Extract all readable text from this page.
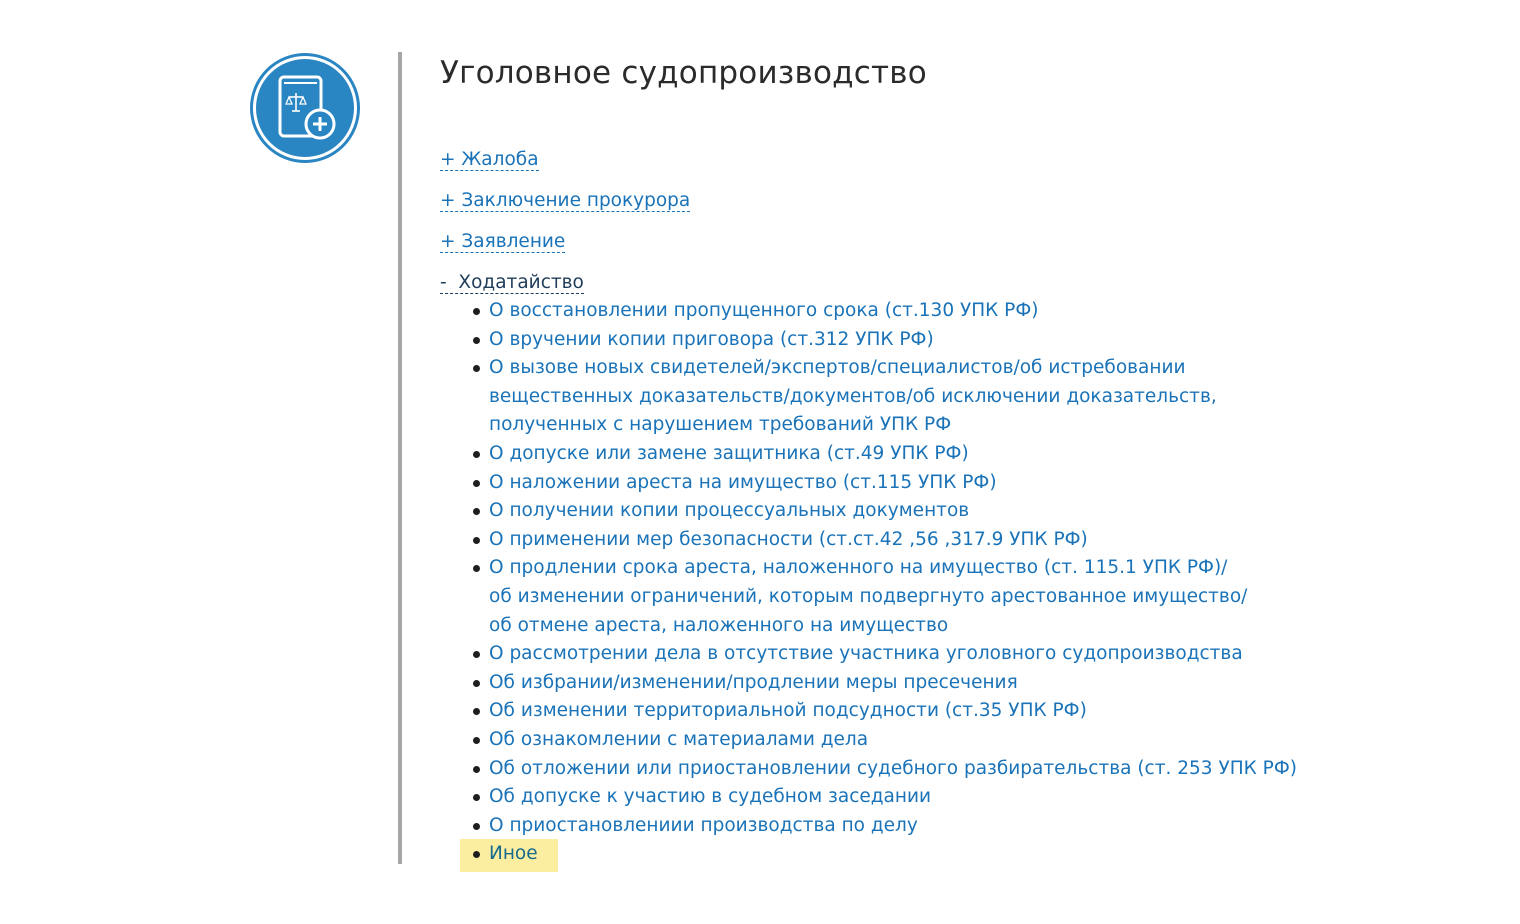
Уголовное судопроизводство
+ Жалоба
+ Заключение прокурора
+ Заявление
-  Ходатайство
О восстановлении пропущенного срока (ст.130 УПК РФ)
О вручении копии приговора (ст.312 УПК РФ)
О вызове новых свидетелей/экспертов/специалистов/об истребовании вещественных доказательств/документов/об исключении доказательств, полученных с нарушением требований УПК РФ
О допуске или замене защитника (ст.49 УПК РФ)
О наложении ареста на имущество (ст.115 УПК РФ)
О получении копии процессуальных документов
О применении мер безопасности (ст.ст.42 ,56 ,317.9 УПК РФ)
О продлении срока ареста, наложенного на имущество (ст. 115.1 УПК РФ)/об изменении ограничений, которым подвергнуто арестованное имущество/об отмене ареста, наложенного на имущество
О рассмотрении дела в отсутствие участника уголовного судопроизводства
Об избрании/изменении/продлении меры пресечения
Об изменении территориальной подсудности (ст.35 УПК РФ)
Об ознакомлении с материалами дела
Об отложении или приостановлении судебного разбирательства (ст. 253 УПК РФ)
Об допуске к участию в судебном заседании
О приостановлениии производства по делу
Иное
